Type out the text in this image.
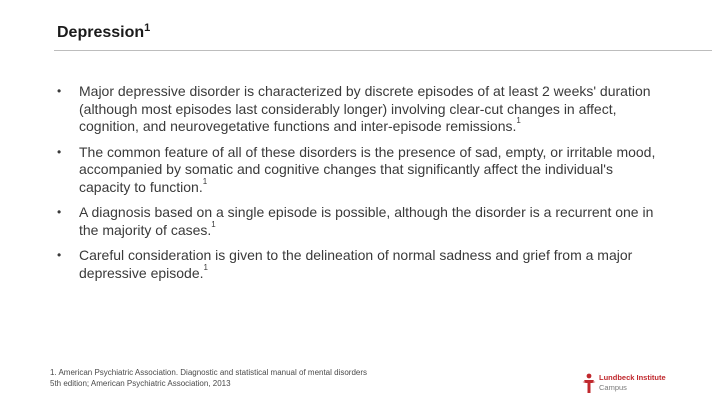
Depression$^1$
• Major depressive disorder is characterized by discrete episodes of at least 2 weeks' duration (although most episodes last considerably longer) involving clear-cut changes in affect, cognition, and neurovegetative functions and inter-episode remissions.$^1$
• The common feature of all of these disorders is the presence of sad, empty, or irritable mood, accompanied by somatic and cognitive changes that significantly affect the individual's capacity to function.$^1$
• A diagnosis based on a single episode is possible, although the disorder is a recurrent one in the majority of cases.$^1$
• Careful consideration is given to the delineation of normal sadness and grief from a major depressive episode.$^1$
1. American Psychiatric Association. Diagnostic and statistical manual of mental disorders 5th edition; American Psychiatric Association, 2013
Lundbeck Institute
Campus
